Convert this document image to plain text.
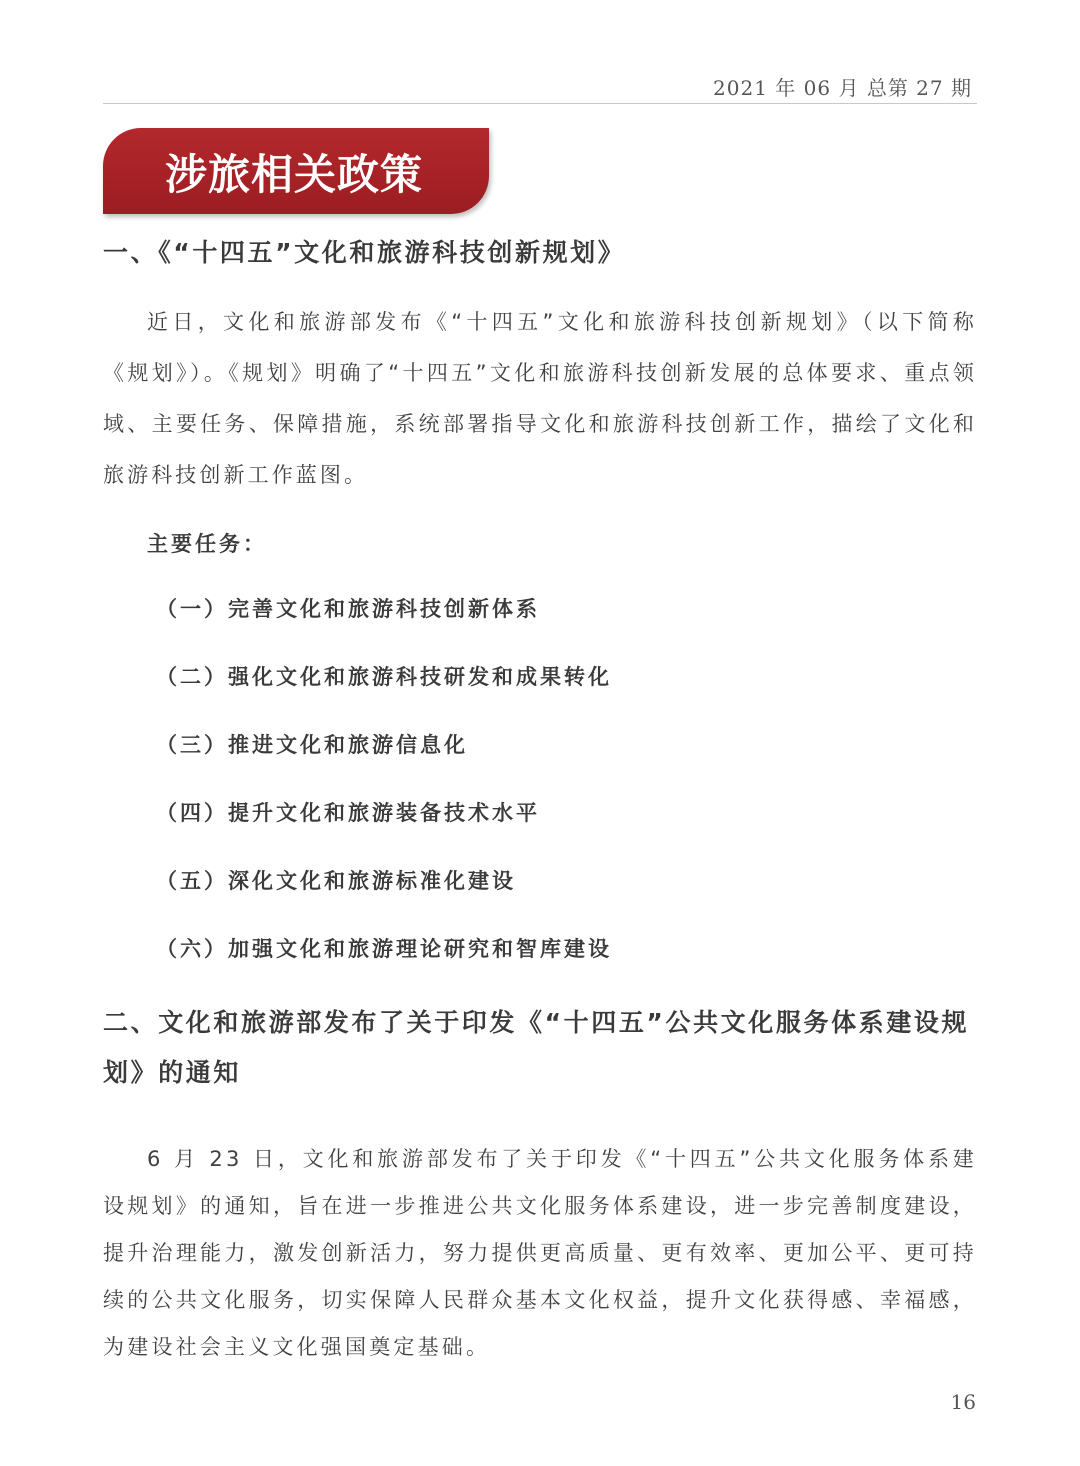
2021 年 06 月 总第 27 期
涉旅相关政策
一、《“十四五”文化和旅游科技创新规划》

近日，文化和旅游部发布《“十四五”文化和旅游科技创新规划》（以下简称《规划》）。《规划》明确了“十四五”文化和旅游科技创新发展的总体要求、重点领域、主要任务、保障措施，系统部署指导文化和旅游科技创新工作，描绘了文化和旅游科技创新工作蓝图。

主要任务：
（一）完善文化和旅游科技创新体系
（二）强化文化和旅游科技研发和成果转化
（三）推进文化和旅游信息化
（四）提升文化和旅游装备技术水平
（五）深化文化和旅游标准化建设
（六）加强文化和旅游理论研究和智库建设
二、文化和旅游部发布了关于印发《“十四五”公共文化服务体系建设规划》的通知

6 月 23 日，文化和旅游部发布了关于印发《“十四五”公共文化服务体系建设规划》的通知，旨在进一步推进公共文化服务体系建设，进一步完善制度建设，提升治理能力，激发创新活力，努力提供更高质量、更有效率、更加公平、更可持续的公共文化服务，切实保障人民群众基本文化权益，提升文化获得感、幸福感，为建设社会主义文化强国奠定基础。

16
